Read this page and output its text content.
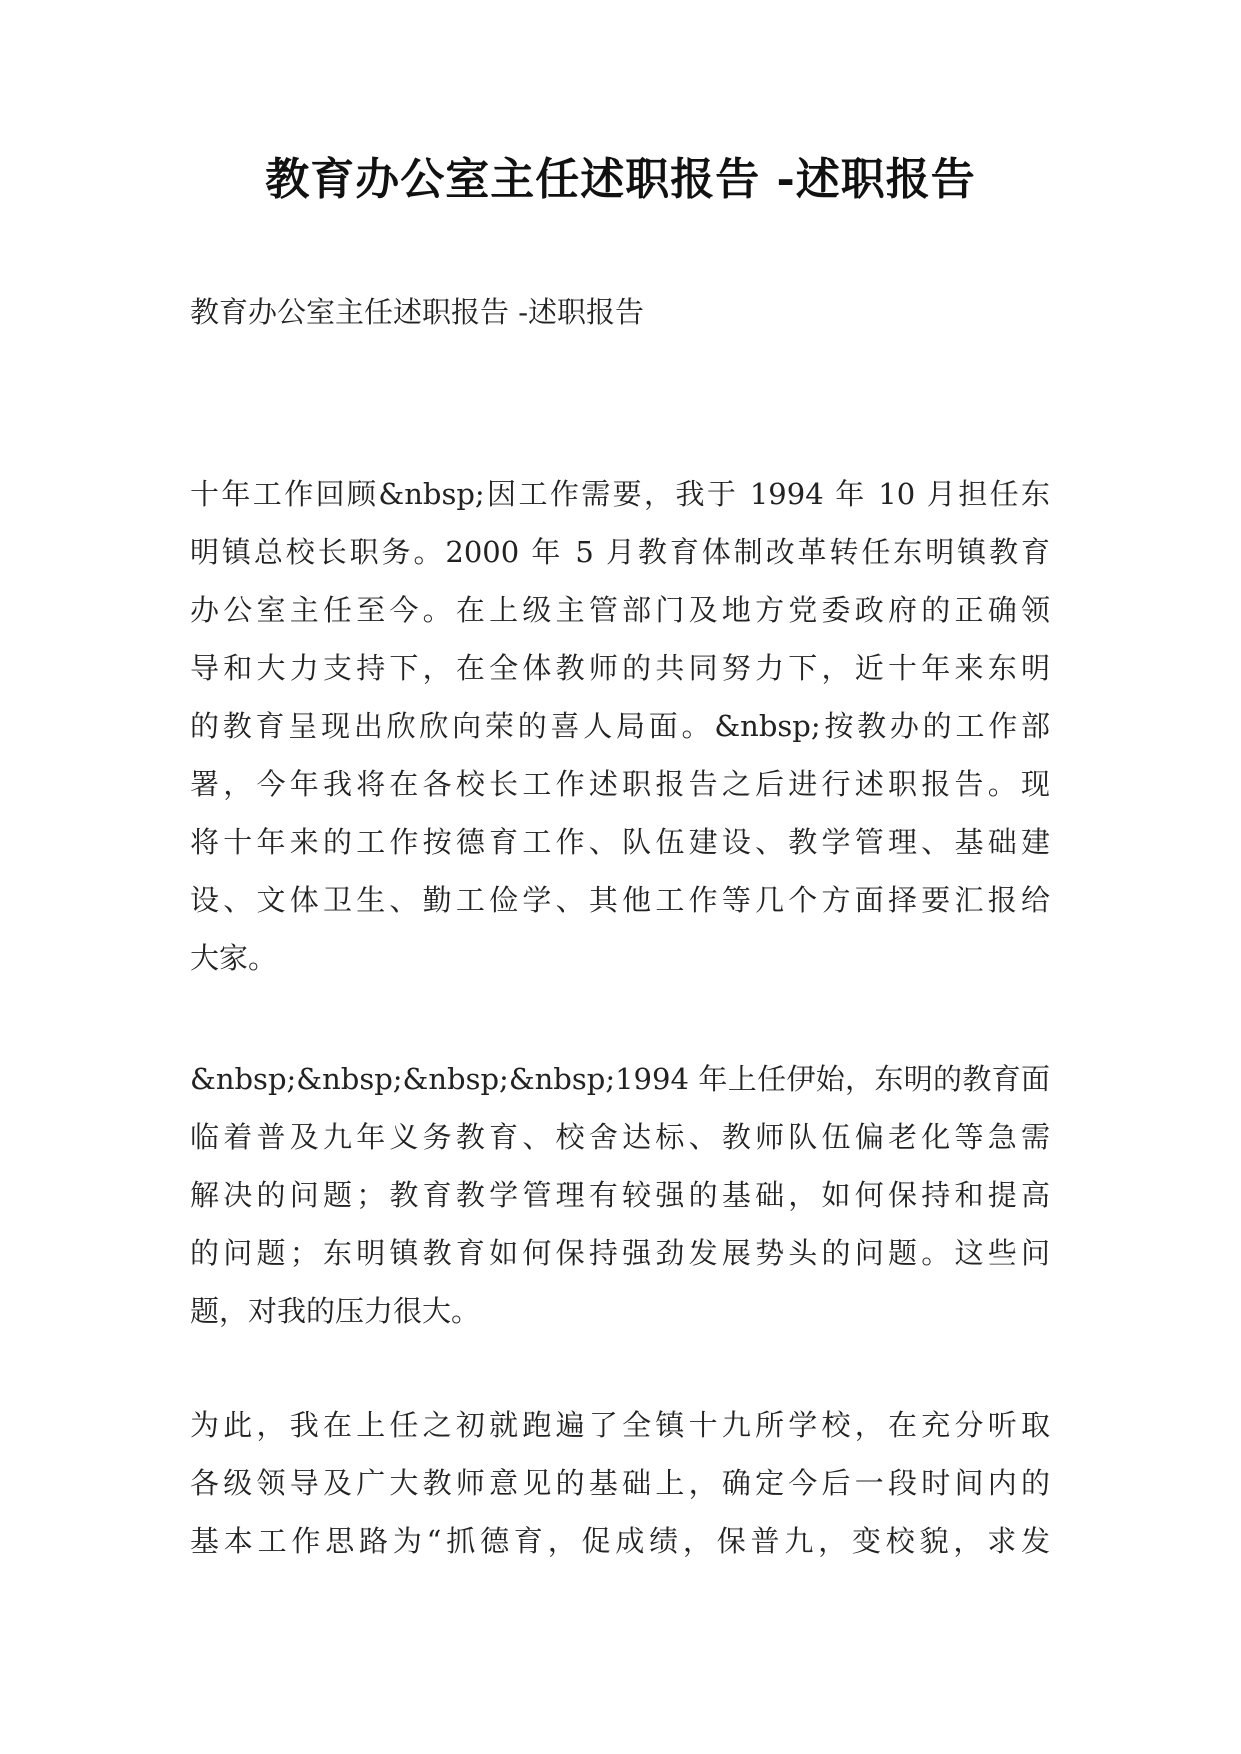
教育办公室主任述职报告 -述职报告

教育办公室主任述职报告 -述职报告

十年工作回顾&nbsp;因工作需要，我于 1994 年 10 月担任东
明镇总校长职务。2000 年 5 月教育体制改革转任东明镇教育
办公室主任至今。在上级主管部门及地方党委政府的正确领
导和大力支持下，在全体教师的共同努力下，近十年来东明
的教育呈现出欣欣向荣的喜人局面。&nbsp;按教办的工作部
署，今年我将在各校长工作述职报告之后进行述职报告。现
将十年来的工作按德育工作、队伍建设、教学管理、基础建
设、文体卫生、勤工俭学、其他工作等几个方面择要汇报给
大家。
&nbsp;&nbsp;&nbsp;&nbsp;1994 年上任伊始，东明的教育面
临着普及九年义务教育、校舍达标、教师队伍偏老化等急需
解决的问题；教育教学管理有较强的基础，如何保持和提高
的问题；东明镇教育如何保持强劲发展势头的问题。这些问
题，对我的压力很大。
为此，我在上任之初就跑遍了全镇十九所学校，在充分听取
各级领导及广大教师意见的基础上，确定今后一段时间内的
基本工作思路为“抓德育，促成绩，保普九，变校貌，求发
